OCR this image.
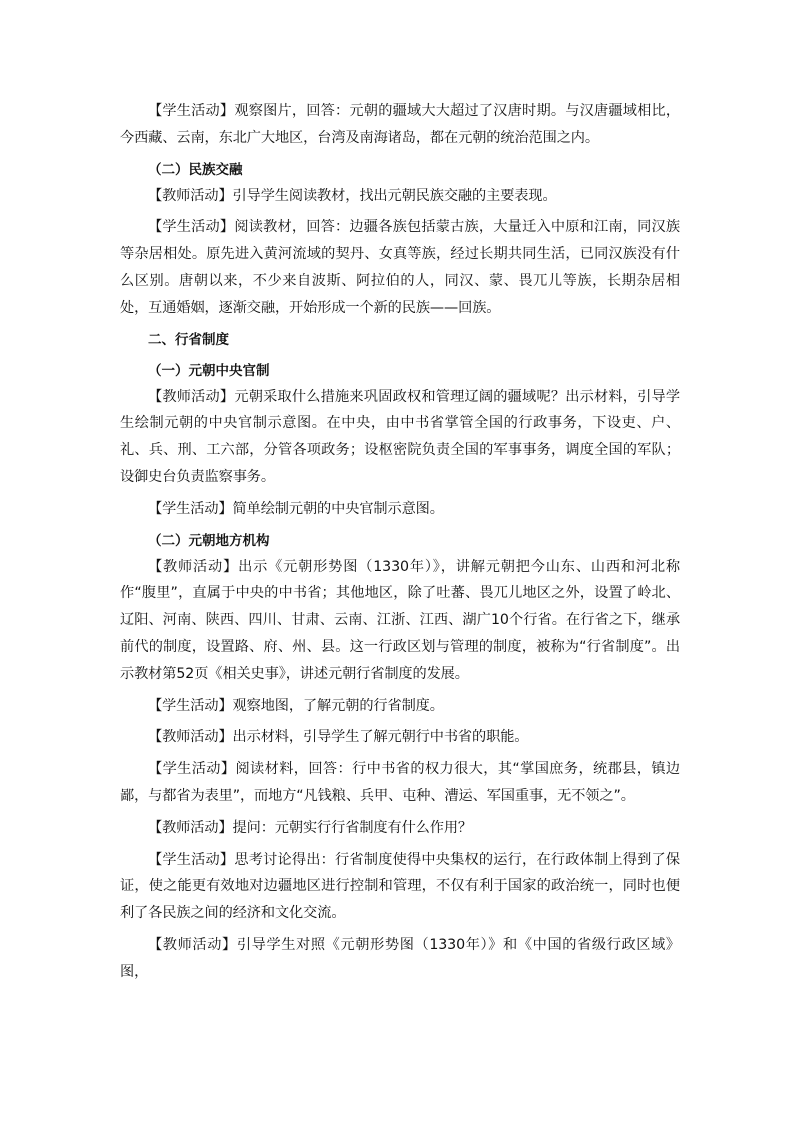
【学生活动】观察图片，回答：元朝的疆域大大超过了汉唐时期。与汉唐疆域相比，今西藏、云南，东北广大地区，台湾及南海诸岛，都在元朝的统治范围之内。

（二）民族交融

【教师活动】引导学生阅读教材，找出元朝民族交融的主要表现。

【学生活动】阅读教材，回答：边疆各族包括蒙古族，大量迁入中原和江南，同汉族等杂居相处。原先进入黄河流域的契丹、女真等族，经过长期共同生活，已同汉族没有什么区别。唐朝以来，不少来自波斯、阿拉伯的人，同汉、蒙、畏兀儿等族，长期杂居相处，互通婚姻，逐渐交融，开始形成一个新的民族——回族。

二、行省制度

（一）元朝中央官制

【教师活动】元朝采取什么措施来巩固政权和管理辽阔的疆域呢？出示材料，引导学生绘制元朝的中央官制示意图。在中央，由中书省掌管全国的行政事务，下设吏、户、礼、兵、刑、工六部，分管各项政务；设枢密院负责全国的军事事务，调度全国的军队；设御史台负责监察事务。

【学生活动】简单绘制元朝的中央官制示意图。

（二）元朝地方机构

【教师活动】出示《元朝形势图（1330年）》，讲解元朝把今山东、山西和河北称作“腹里”，直属于中央的中书省；其他地区，除了吐蕃、畏兀儿地区之外，设置了岭北、辽阳、河南、陕西、四川、甘肃、云南、江浙、江西、湖广10个行省。在行省之下，继承前代的制度，设置路、府、州、县。这一行政区划与管理的制度，被称为“行省制度”。出示教材第52页《相关史事》，讲述元朝行省制度的发展。

【学生活动】观察地图，了解元朝的行省制度。

【教师活动】出示材料，引导学生了解元朝行中书省的职能。

【学生活动】阅读材料，回答：行中书省的权力很大，其“掌国庶务，统郡县，镇边鄙，与都省为表里”，而地方“凡钱粮、兵甲、屯种、漕运、军国重事，无不领之”。

【教师活动】提问：元朝实行行省制度有什么作用？

【学生活动】思考讨论得出：行省制度使得中央集权的运行，在行政体制上得到了保证，使之能更有效地对边疆地区进行控制和管理，不仅有利于国家的政治统一，同时也便利了各民族之间的经济和文化交流。

【教师活动】引导学生对照《元朝形势图（1330年）》和《中国的省级行政区域》图，
